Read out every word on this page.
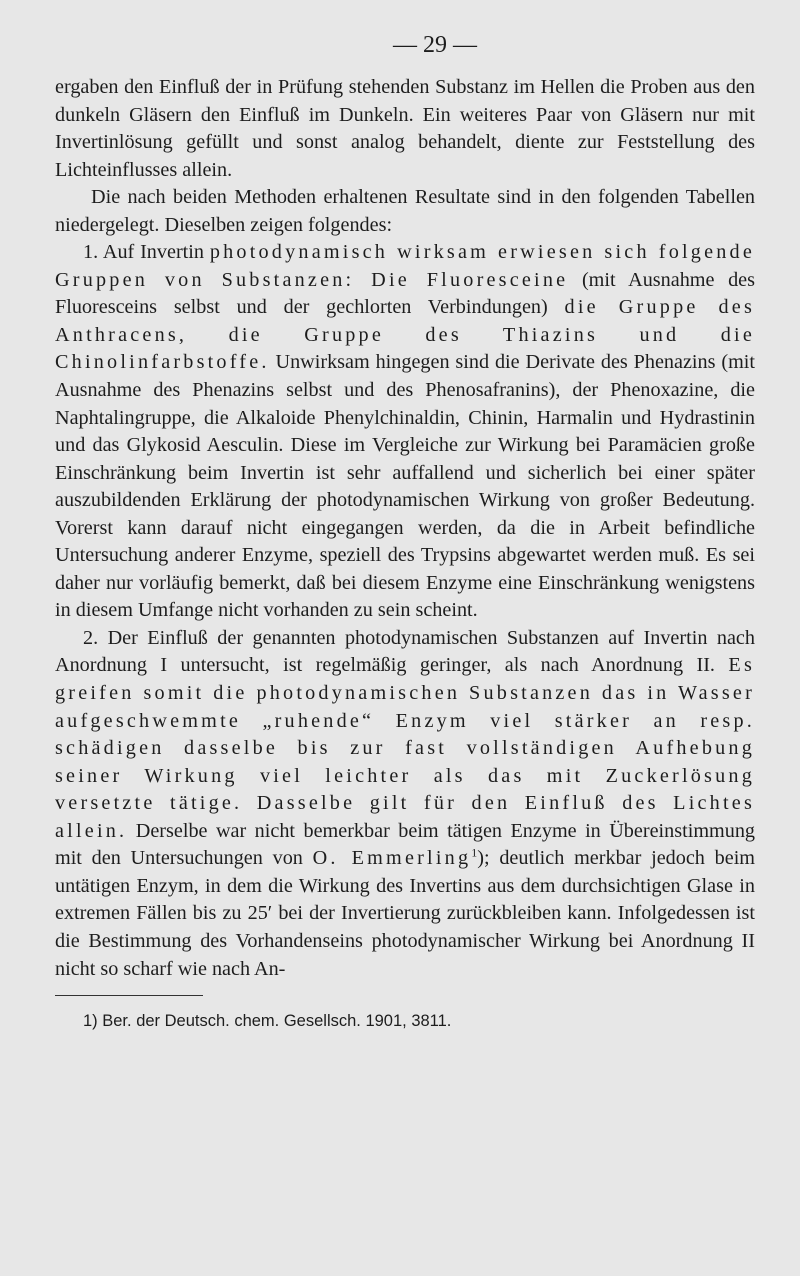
— 29 —

ergaben den Einfluß der in Prüfung stehenden Substanz im Hellen die Proben aus den dunkeln Gläsern den Einfluß im Dunkeln. Ein weiteres Paar von Gläsern nur mit Invertinlösung gefüllt und sonst analog behandelt, diente zur Feststellung des Lichteinflusses allein.

Die nach beiden Methoden erhaltenen Resultate sind in den folgenden Tabellen niedergelegt. Dieselben zeigen folgendes:

1. Auf Invertin photodynamisch wirksam erwiesen sich folgende Gruppen von Substanzen: Die Fluoresceine (mit Ausnahme des Fluoresceins selbst und der gechlorten Verbindungen) die Gruppe des Anthracens, die Gruppe des Thiazins und die Chinolinfarbstoffe. Unwirksam hingegen sind die Derivate des Phenazins (mit Ausnahme des Phenazins selbst und des Phenosafranins), der Phenoxazine, die Naphtalingruppe, die Alkaloide Phenylchinaldin, Chinin, Harmalin und Hydrastinin und das Glykosid Aesculin. Diese im Vergleiche zur Wirkung bei Paramäcien große Einschränkung beim Invertin ist sehr auffallend und sicherlich bei einer später auszubildenden Erklärung der photodynamischen Wirkung von großer Bedeutung. Vorerst kann darauf nicht eingegangen werden, da die in Arbeit befindliche Untersuchung anderer Enzyme, speziell des Trypsins abgewartet werden muß. Es sei daher nur vorläufig bemerkt, daß bei diesem Enzyme eine Einschränkung wenigstens in diesem Umfange nicht vorhanden zu sein scheint.

2. Der Einfluß der genannten photodynamischen Substanzen auf Invertin nach Anordnung I untersucht, ist regelmäßig geringer, als nach Anordnung II. Es greifen somit die photodynamischen Substanzen das in Wasser aufgeschwemmte „ruhende“ Enzym viel stärker an resp. schädigen dasselbe bis zur fast vollständigen Aufhebung seiner Wirkung viel leichter als das mit Zuckerlösung versetzte tätige. Dasselbe gilt für den Einfluß des Lichtes allein. Derselbe war nicht bemerkbar beim tätigen Enzyme in Übereinstimmung mit den Untersuchungen von O. Emmerling$^1$); deutlich merkbar jedoch beim untätigen Enzym, in dem die Wirkung des Invertins aus dem durchsichtigen Glase in extremen Fällen bis zu 25′ bei der Invertierung zurückbleiben kann. Infolgedessen ist die Bestimmung des Vorhandenseins photodynamischer Wirkung bei Anordnung II nicht so scharf wie nach An-

1) Ber. der Deutsch. chem. Gesellsch. 1901, 3811.
